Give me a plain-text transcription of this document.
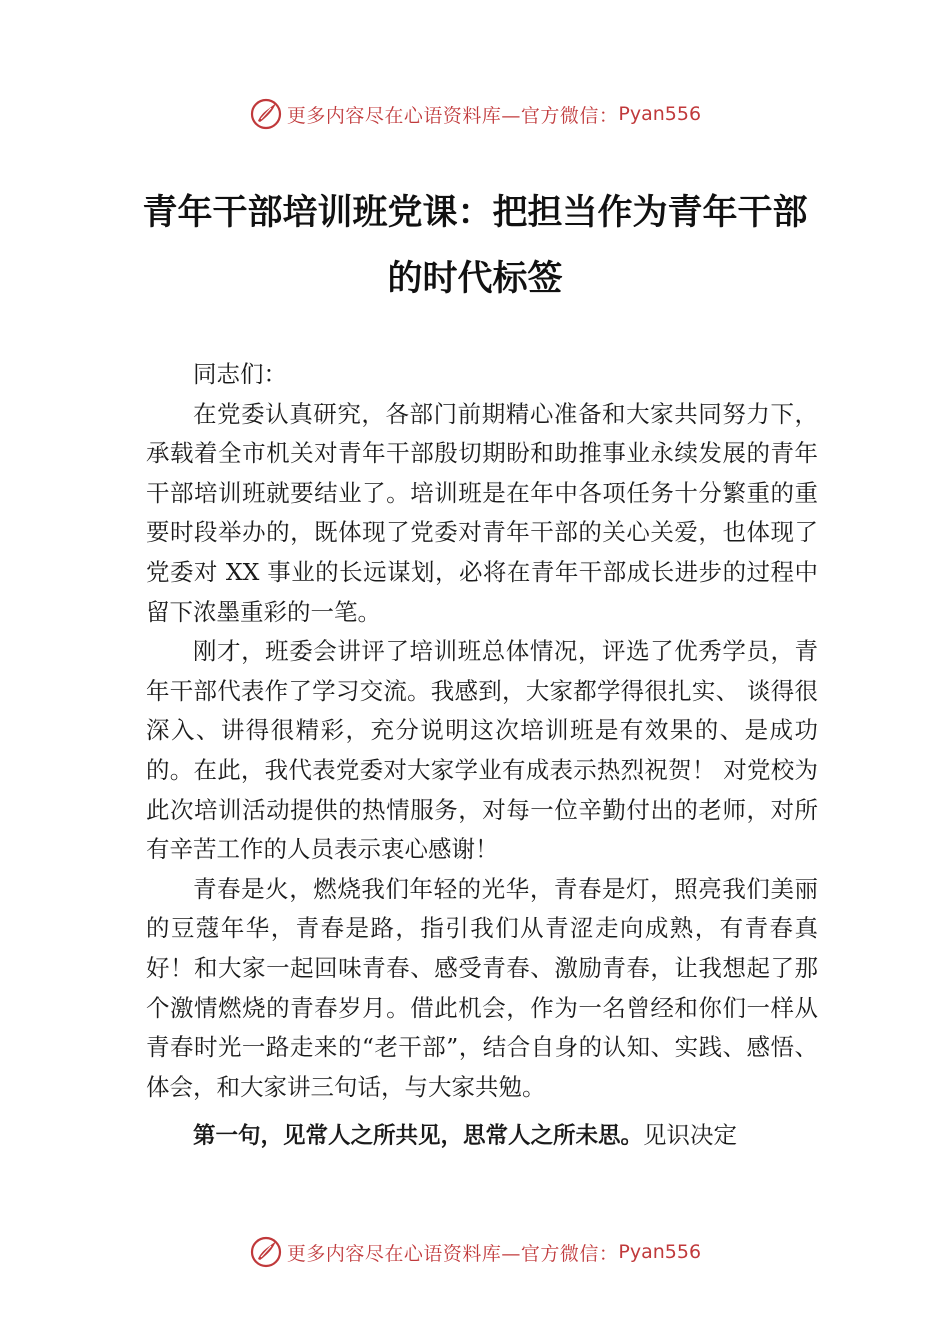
更多内容尽在心语资料库—官方微信： Pyan556
青年干部培训班党课：把担当作为青年干部的时代标签

同志们：

在党委认真研究，各部门前期精心准备和大家共同努力下，承载着全市机关对青年干部殷切期盼和助推事业永续发展的青年干部培训班就要结业了。培训班是在年中各项任务十分繁重的重要时段举办的，既体现了党委对青年干部的关心关爱，也体现了党委对 XX 事业的长远谋划，必将在青年干部成长进步的过程中留下浓墨重彩的一笔。

刚才，班委会讲评了培训班总体情况，评选了优秀学员，青年干部代表作了学习交流。我感到，大家都学得很扎实、 谈得很深入、讲得很精彩，充分说明这次培训班是有效果的、是成功的。在此，我代表党委对大家学业有成表示热烈祝贺！ 对党校为此次培训活动提供的热情服务，对每一位辛勤付出的老师，对所有辛苦工作的人员表示衷心感谢！

青春是火，燃烧我们年轻的光华，青春是灯，照亮我们美丽的豆蔻年华，青春是路，指引我们从青涩走向成熟，有青春真好！和大家一起回味青春、感受青春、激励青春，让我想起了那个激情燃烧的青春岁月。借此机会，作为一名曾经和你们一样从青春时光一路走来的“老干部”，结合自身的认知、实践、感悟、体会，和大家讲三句话，与大家共勉。

第一句，见常人之所共见，思常人之所未思。见识决定

更多内容尽在心语资料库—官方微信： Pyan556
